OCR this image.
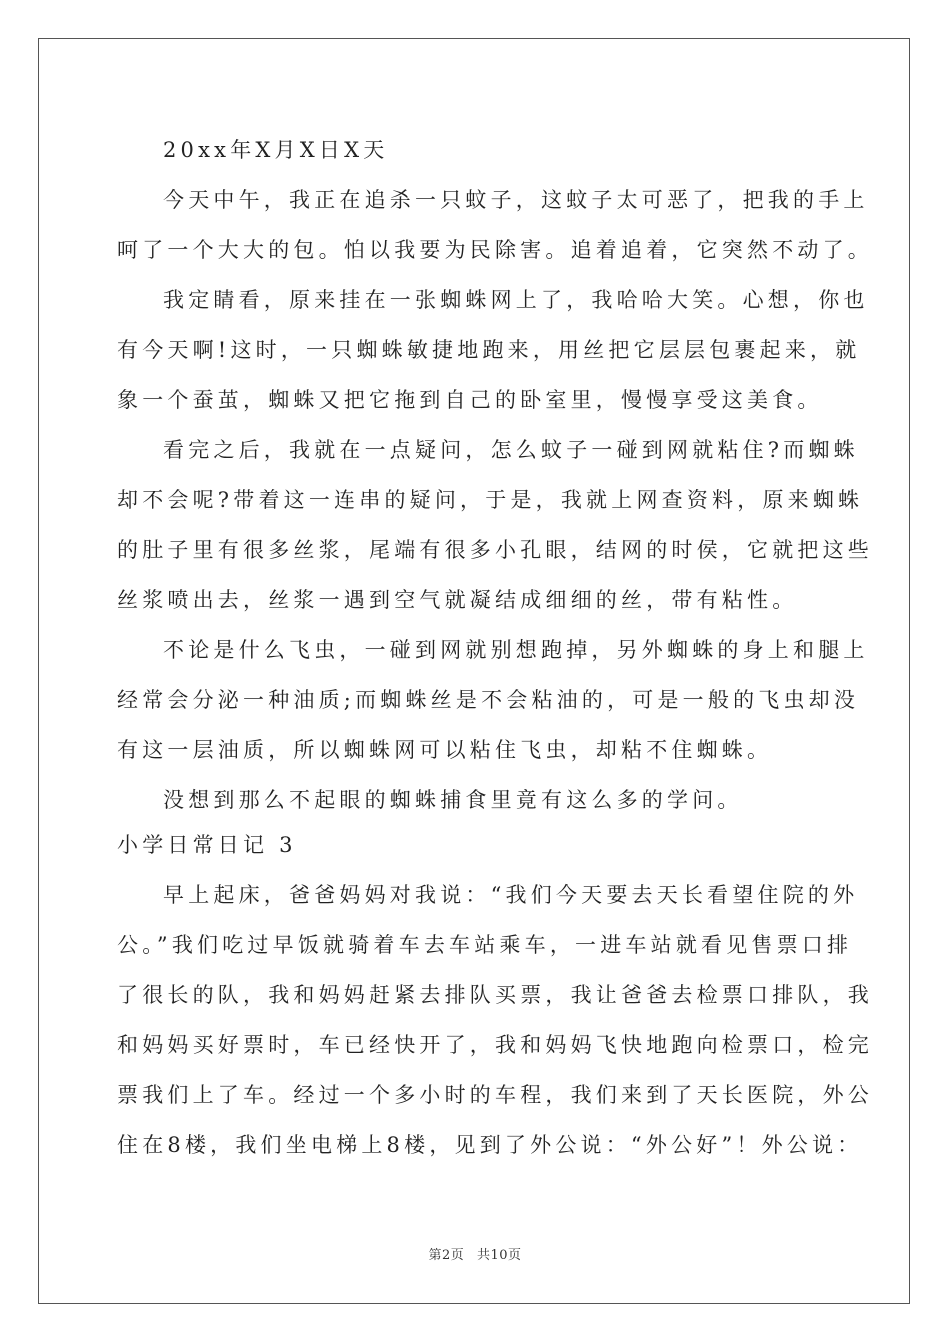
20xx年X月X日X天
今天中午，我正在追杀一只蚊子，这蚊子太可恶了，把我的手上
呵了一个大大的包。怕以我要为民除害。追着追着，它突然不动了。
我定睛看，原来挂在一张蜘蛛网上了，我哈哈大笑。心想，你也
有今天啊!这时，一只蜘蛛敏捷地跑来，用丝把它层层包裹起来，就
象一个蚕茧，蜘蛛又把它拖到自己的卧室里，慢慢享受这美食。
看完之后，我就在一点疑问，怎么蚊子一碰到网就粘住?而蜘蛛
却不会呢?带着这一连串的疑问，于是，我就上网查资料，原来蜘蛛
的肚子里有很多丝浆，尾端有很多小孔眼，结网的时侯，它就把这些
丝浆喷出去，丝浆一遇到空气就凝结成细细的丝，带有粘性。
不论是什么飞虫，一碰到网就别想跑掉，另外蜘蛛的身上和腿上
经常会分泌一种油质;而蜘蛛丝是不会粘油的，可是一般的飞虫却没
有这一层油质，所以蜘蛛网可以粘住飞虫，却粘不住蜘蛛。
没想到那么不起眼的蜘蛛捕食里竟有这么多的学问。
小学日常日记 3
早上起床，爸爸妈妈对我说：“我们今天要去天长看望住院的外
公。”我们吃过早饭就骑着车去车站乘车，一进车站就看见售票口排
了很长的队，我和妈妈赶紧去排队买票，我让爸爸去检票口排队，我
和妈妈买好票时，车已经快开了，我和妈妈飞快地跑向检票口，检完
票我们上了车。经过一个多小时的车程，我们来到了天长医院，外公
住在8楼，我们坐电梯上8楼，见到了外公说：“外公好”！外公说：
第2页 共10页
